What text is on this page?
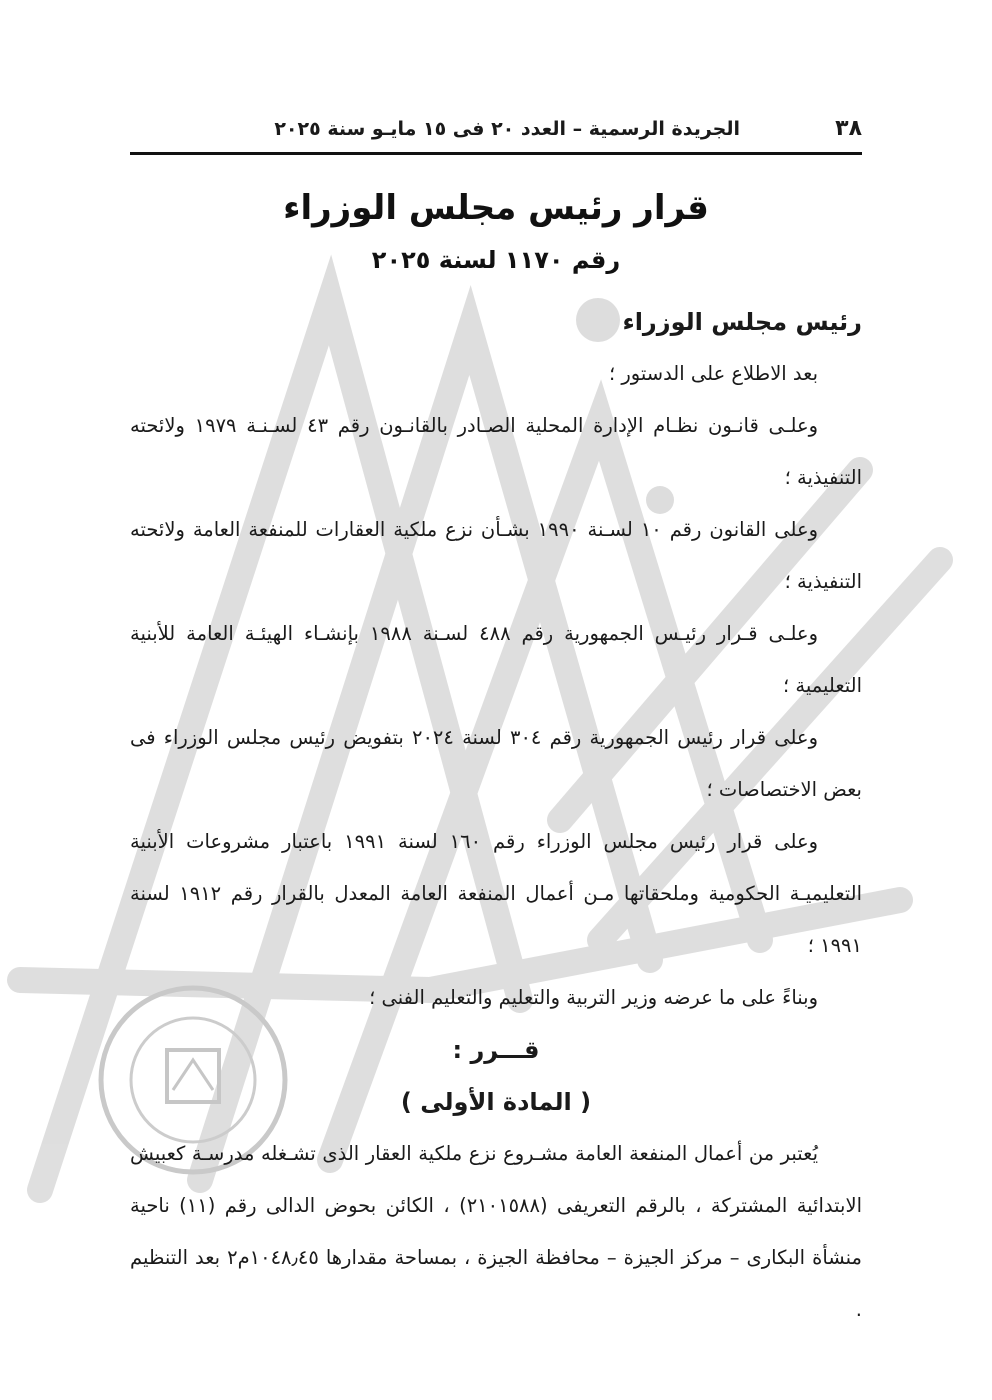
٣٨
الجريدة الرسمية – العدد ٢٠ فى ١٥ مايـو سنة ٢٠٢٥
قرار رئيس مجلس الوزراء
رقم ١١٧٠ لسنة ٢٠٢٥

رئيس مجلس الوزراء

بعد الاطلاع على الدستور ؛

وعلـى قانـون نظـام الإدارة المحلية الصـادر بالقانـون رقم ٤٣ لسـنـة ١٩٧٩ ولائحته التنفيذية ؛

وعلى القانون رقم ١٠ لسـنة ١٩٩٠ بشـأن نزع ملكية العقارات للمنفعة العامة ولائحته التنفيذية ؛

وعلـى قـرار رئيـس الجمهورية رقم ٤٨٨ لسـنة ١٩٨٨ بإنشـاء الهيئـة العامة للأبنية التعليمية ؛

وعلى قرار رئيس الجمهورية رقم ٣٠٤ لسنة ٢٠٢٤ بتفويض رئيس مجلس الوزراء فى بعض الاختصاصات ؛

وعلى قرار رئيس مجلس الوزراء رقم ١٦٠ لسنة ١٩٩١ باعتبار مشروعات الأبنية التعليميـة الحكومية وملحقاتها مـن أعمال المنفعة العامة المعدل بالقرار رقم ١٩١٢ لسنة ١٩٩١ ؛

وبناءً على ما عرضه وزير التربية والتعليم والتعليم الفنى ؛

قـــرر :

( المادة الأولى )

يُعتبر من أعمال المنفعة العامة مشـروع نزع ملكية العقار الذى تشـغله مدرسـة كعبيش الابتدائية المشتركة ، بالرقم التعريفى (٢١٠١٥٨٨) ، الكائن بحوض الدالى رقم (١١) ناحية منشأة البكارى – مركز الجيزة – محافظة الجيزة ، بمساحة مقدارها ١٠٤٨٫٤٥م٢ بعد التنظيم .
